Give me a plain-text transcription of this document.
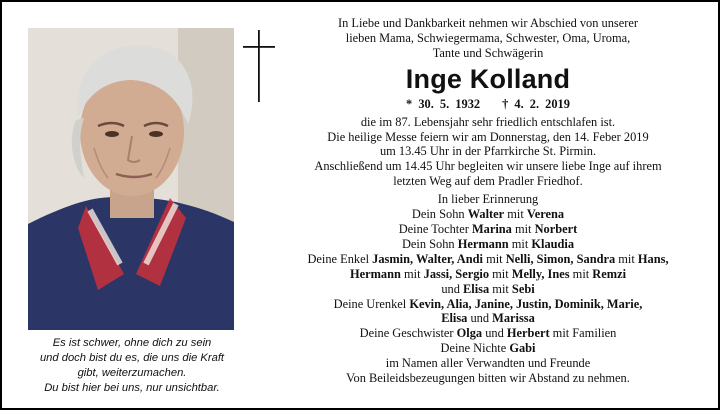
Es ist schwer, ohne dich zu sein
und doch bist du es, die uns die Kraft
gibt, weiterzumachen.
Du bist hier bei uns, nur unsichtbar.
In Liebe und Dankbarkeit nehmen wir Abschied von unserer
lieben Mama, Schwiegermama, Schwester, Oma, Uroma,
Tante und Schwägerin
Inge Kolland
* 30. 5. 1932 † 4. 2. 2019
die im 87. Lebensjahr sehr friedlich entschlafen ist.
Die heilige Messe feiern wir am Donnerstag, den 14. Feber 2019
um 13.45 Uhr in der Pfarrkirche St. Pirmin.
Anschließend um 14.45 Uhr begleiten wir unsere liebe Inge auf ihrem
letzten Weg auf dem Pradler Friedhof.
In lieber Erinnerung
Dein Sohn Walter mit Verena
Deine Tochter Marina mit Norbert
Dein Sohn Hermann mit Klaudia
Deine Enkel Jasmin, Walter, Andi mit Nelli, Simon, Sandra mit Hans,
Hermann mit Jassi, Sergio mit Melly, Ines mit Remzi
und Elisa mit Sebi
Deine Urenkel Kevin, Alia, Janine, Justin, Dominik, Marie,
Elisa und Marissa
Deine Geschwister Olga und Herbert mit Familien
Deine Nichte Gabi
im Namen aller Verwandten und Freunde
Von Beileidsbezeugungen bitten wir Abstand zu nehmen.
